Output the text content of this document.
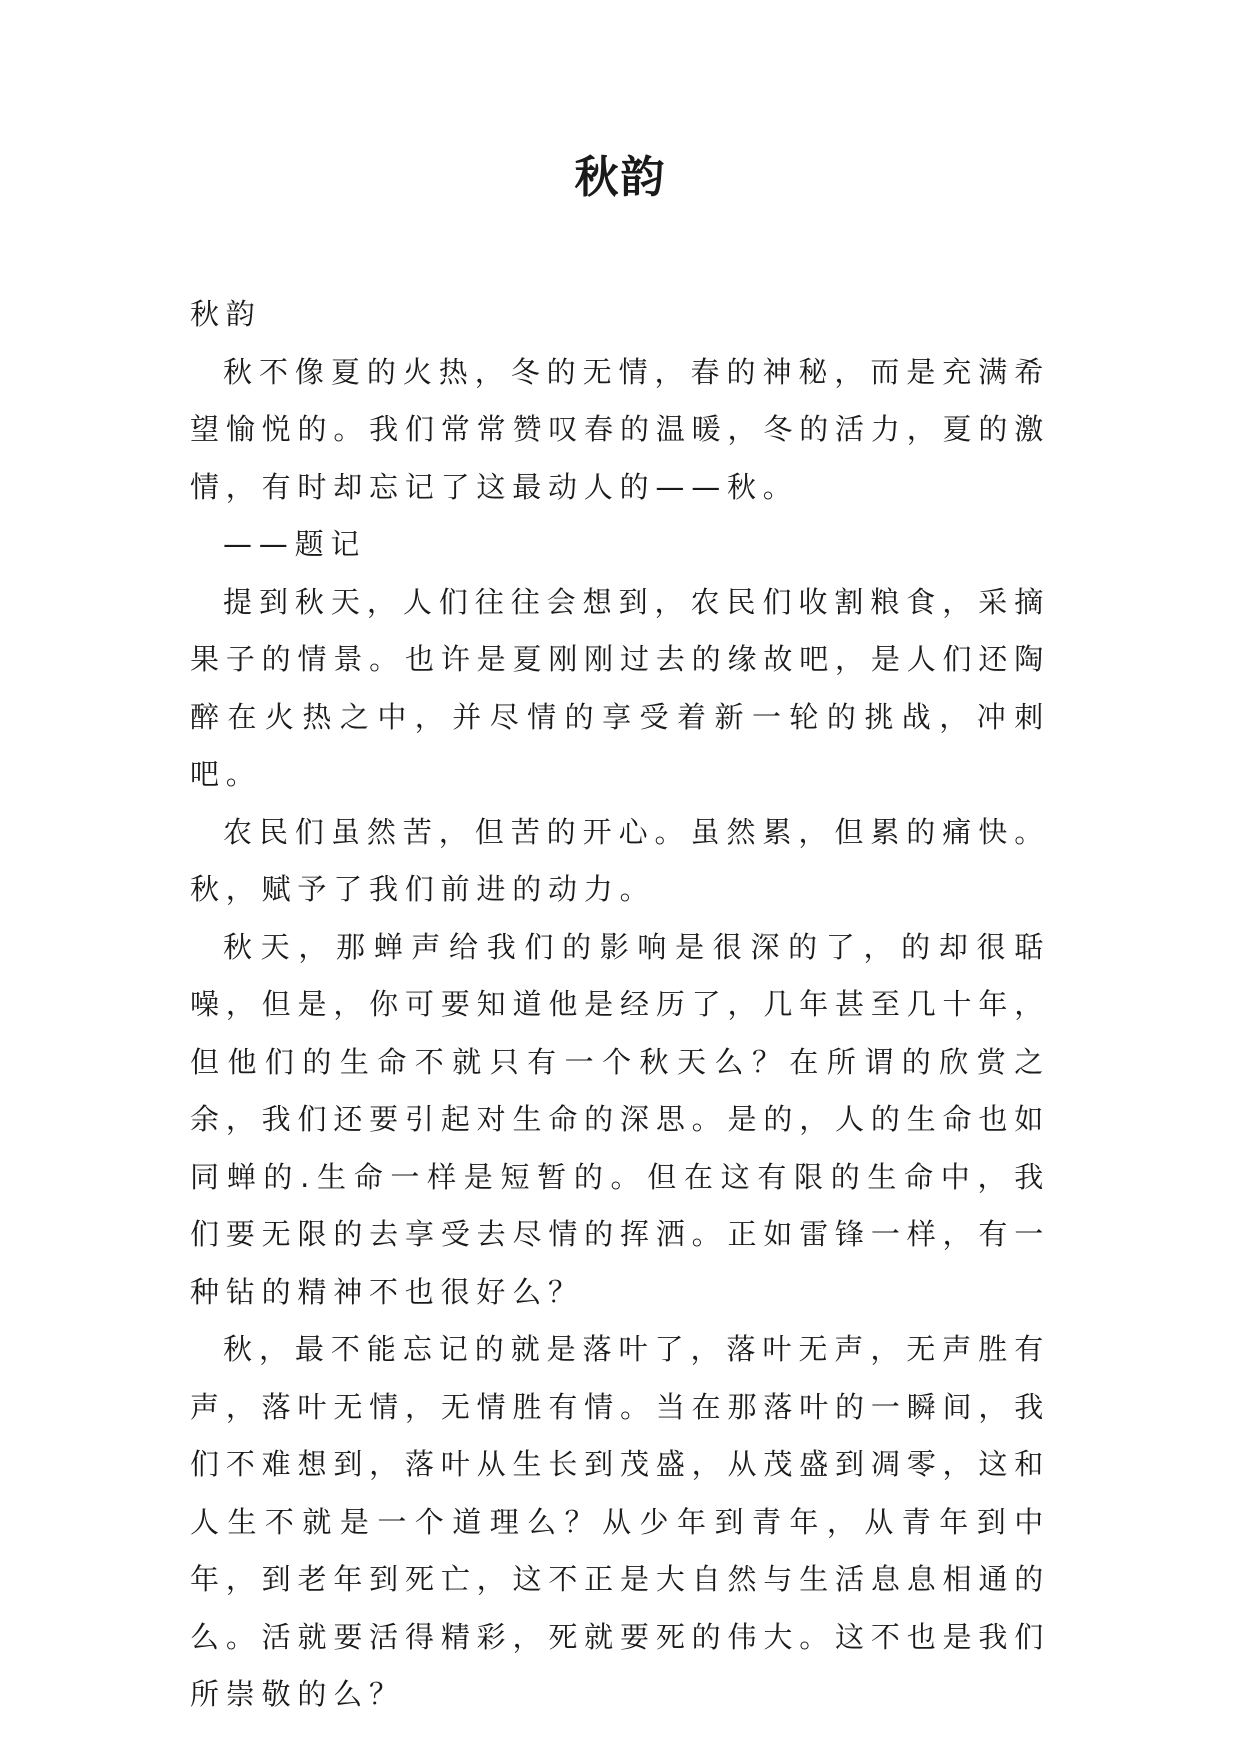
秋韵

秋韵

秋不像夏的火热，冬的无情，春的神秘，而是充满希望愉悦的。我们常常赞叹春的温暖，冬的活力，夏的激情，有时却忘记了这最动人的——秋。

——题记

提到秋天，人们往往会想到，农民们收割粮食，采摘果子的情景。也许是夏刚刚过去的缘故吧，是人们还陶醉在火热之中，并尽情的享受着新一轮的挑战，冲刺吧。

农民们虽然苦，但苦的开心。虽然累，但累的痛快。秋，赋予了我们前进的动力。

秋天，那蝉声给我们的影响是很深的了，的却很聒噪，但是，你可要知道他是经历了，几年甚至几十年，但他们的生命不就只有一个秋天么？在所谓的欣赏之余，我们还要引起对生命的深思。是的，人的生命也如同蝉的.生命一样是短暂的。但在这有限的生命中，我们要无限的去享受去尽情的挥洒。正如雷锋一样，有一种钻的精神不也很好么？

秋，最不能忘记的就是落叶了，落叶无声，无声胜有声，落叶无情，无情胜有情。当在那落叶的一瞬间，我们不难想到，落叶从生长到茂盛，从茂盛到凋零，这和人生不就是一个道理么？从少年到青年，从青年到中年，到老年到死亡，这不正是大自然与生活息息相通的么。活就要活得精彩，死就要死的伟大。这不也是我们所崇敬的么？
